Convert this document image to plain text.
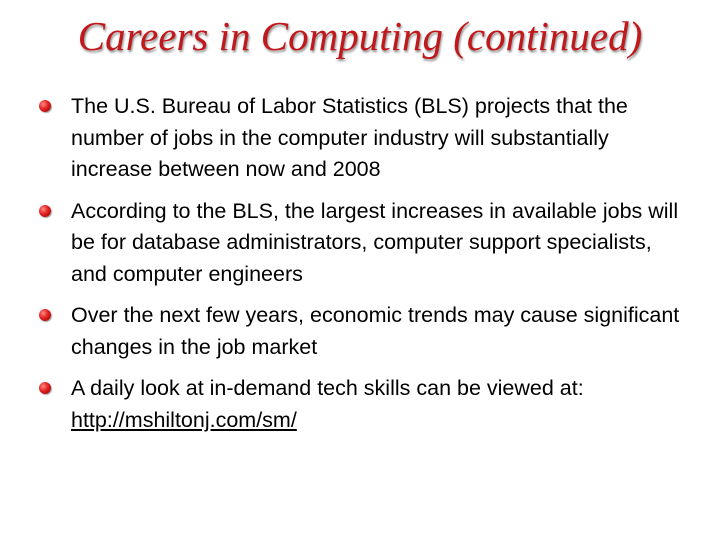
Careers in Computing (continued)
The U.S. Bureau of Labor Statistics (BLS) projects that the number of jobs in the computer industry will substantially increase between now and 2008
According to the BLS, the largest increases in available jobs will be for database administrators, computer support specialists, and computer engineers
Over the next few years, economic trends may cause significant changes in the job market
A daily look at in-demand tech skills can be viewed at:   http://mshiltonj.com/sm/
